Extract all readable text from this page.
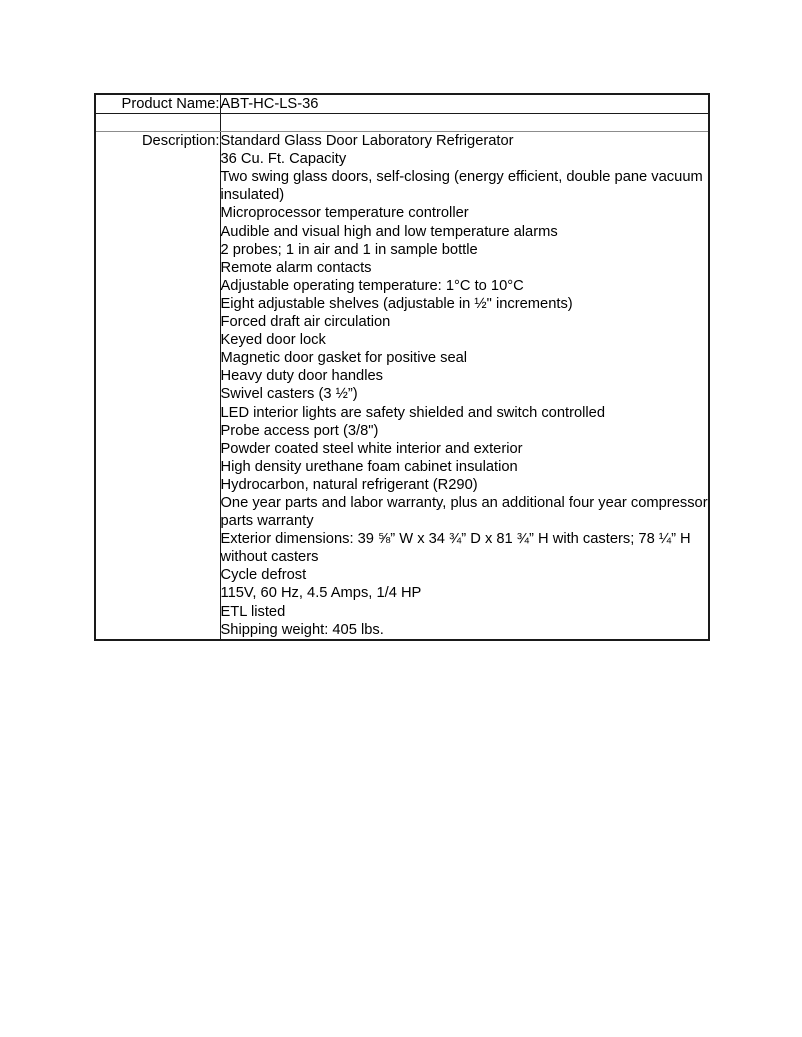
Product Name:	ABT-HC-LS-36

Description:	Standard Glass Door Laboratory Refrigerator
36 Cu. Ft. Capacity
Two swing glass doors, self-closing (energy efficient, double pane vacuum insulated)
Microprocessor temperature controller
Audible and visual high and low temperature alarms
2 probes; 1 in air and 1 in sample bottle
Remote alarm contacts
Adjustable operating temperature: 1°C to 10°C
Eight adjustable shelves (adjustable in ½" increments)
Forced draft air circulation
Keyed door lock
Magnetic door gasket for positive seal
Heavy duty door handles
Swivel casters (3 ½”)
LED interior lights are safety shielded and switch controlled
Probe access port (3/8")
Powder coated steel white interior and exterior
High density urethane foam cabinet insulation
Hydrocarbon, natural refrigerant (R290)
One year parts and labor warranty, plus an additional four year compressor parts warranty
Exterior dimensions: 39 ⅝” W x 34 ¾” D x 81 ¾” H with casters; 78 ¼” H without casters
Cycle defrost
115V, 60 Hz, 4.5 Amps, 1/4 HP
ETL listed
Shipping weight: 405 lbs.
